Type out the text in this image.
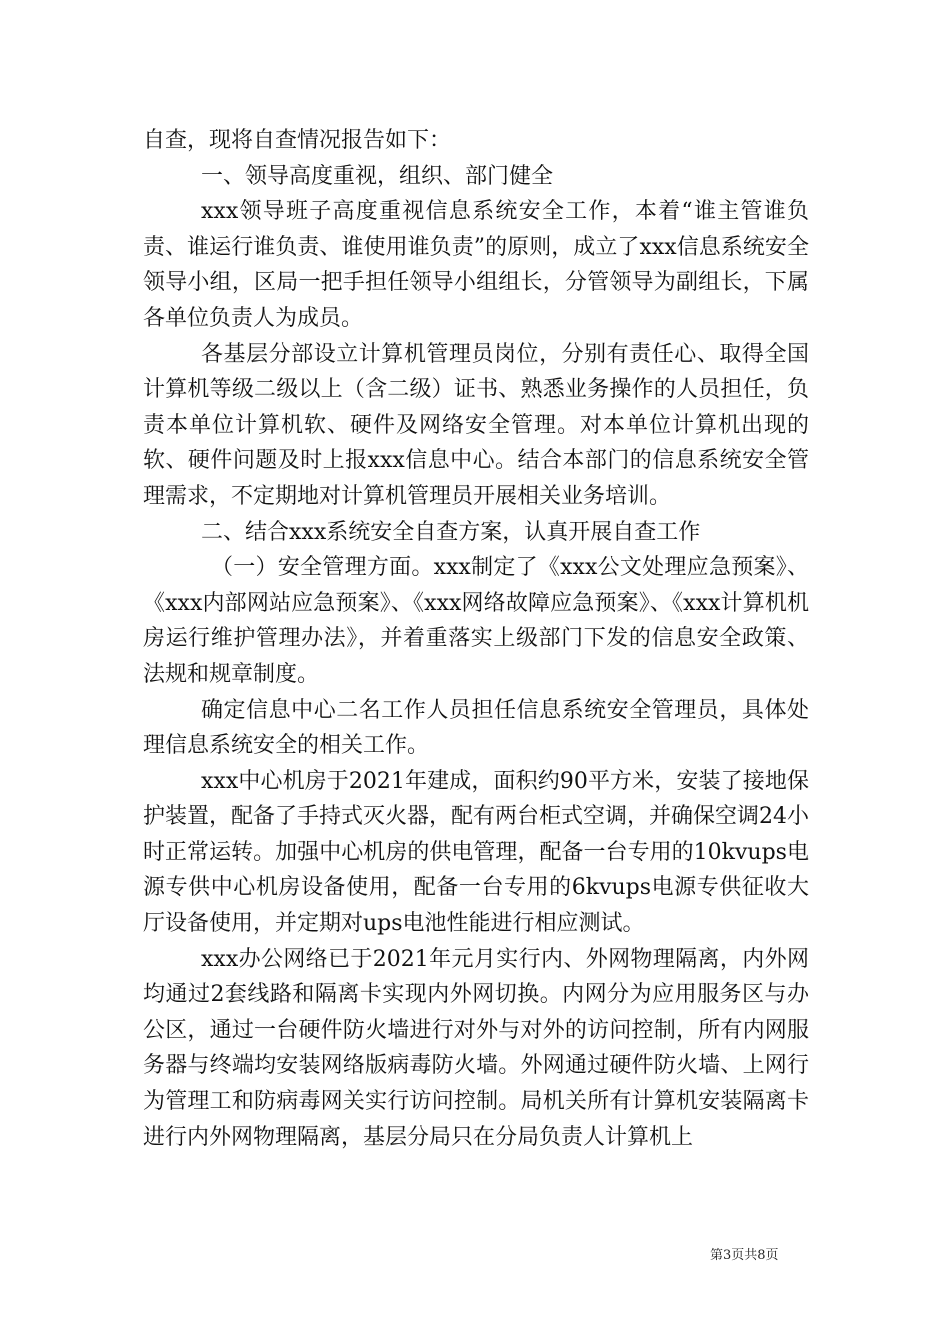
自查，现将自查情况报告如下：

一、领导高度重视，组织、部门健全

xxx领导班子高度重视信息系统安全工作，本着“谁主管谁负责、谁运行谁负责、谁使用谁负责”的原则，成立了xxx信息系统安全领导小组，区局一把手担任领导小组组长，分管领导为副组长，下属各单位负责人为成员。

各基层分部设立计算机管理员岗位，分别有责任心、取得全国计算机等级二级以上（含二级）证书、熟悉业务操作的人员担任，负责本单位计算机软、硬件及网络安全管理。对本单位计算机出现的软、硬件问题及时上报xxx信息中心。结合本部门的信息系统安全管理需求，不定期地对计算机管理员开展相关业务培训。

二、结合xxx系统安全自查方案，认真开展自查工作

（一）安全管理方面。xxx制定了《xxx公文处理应急预案》、《xxx内部网站应急预案》、《xxx网络故障应急预案》、《xxx计算机机房运行维护管理办法》，并着重落实上级部门下发的信息安全政策、法规和规章制度。

确定信息中心二名工作人员担任信息系统安全管理员，具体处理信息系统安全的相关工作。

xxx中心机房于2021年建成，面积约90平方米，安装了接地保护装置，配备了手持式灭火器，配有两台柜式空调，并确保空调24小时正常运转。加强中心机房的供电管理，配备一台专用的10kvups电源专供中心机房设备使用，配备一台专用的6kvups电源专供征收大厅设备使用，并定期对ups电池性能进行相应测试。

xxx办公网络已于2021年元月实行内、外网物理隔离，内外网均通过2套线路和隔离卡实现内外网切换。内网分为应用服务区与办公区，通过一台硬件防火墙进行对外与对外的访问控制，所有内网服务器与终端均安装网络版病毒防火墙。外网通过硬件防火墙、上网行为管理工和防病毒网关实行访问控制。局机关所有计算机安装隔离卡进行内外网物理隔离，基层分局只在分局负责人计算机上

第3页共8页
